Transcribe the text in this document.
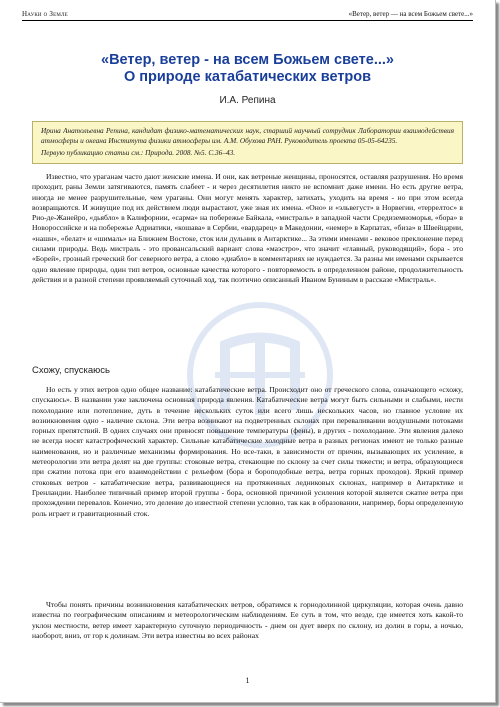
Науки о Земле	«Ветер, ветер — на всем Божьем свете...»
«Ветер, ветер - на всем Божьем свете...»
О природе катабатических ветров
И.А. Репина

Ирина Анатольевна Репина, кандидат физико-математических наук, старший научный сотрудник Лаборатории взаимодействия атмосферы и океана Института физики атмосферы им. А.М. Обухова РАН. Руководитель проекта 05-05-64235.

Первую публикацию статьи см.: Природа. 2008. №5. С.36–43.

Известно, что ураганам часто дают женские имена. И они, как ветреные женщины, проносятся, оставляя разрушения. Но время проходит, раны Земли затягиваются, память слабеет - и через десятилетия никто не вспомнит даже имени. Но есть другие ветра, иногда не менее разрушительные, чем ураганы. Они могут менять характер, затихать, уходить на время - но при этом всегда возвращаются. И живущие под их действием люди вырастают, уже зная их имена. «Оно» и «эльвегуст» в Норвегии, «террелтос» в Рио-де-Жанейро, «дьябло» в Калифорнии, «сарма» на побережье Байкала, «мистраль» в западной части Средиземноморья, «бора» в Новороссийске и на побережье Адриатики, «кошава» в Сербии, «вардарец» в Македонии, «немер» в Карпатах, «биза» в Швейцарии, «нашн», «белат» и «шималь» на Ближнем Востоке, сток или дульник в Антарктике... За этими именами - вековое преклонение перед силами природы. Ведь мистраль - это провансальский вариант слова «маэстро», что значит «главный, руководящий», бора - это «Борей», грозный греческий бог северного ветра, а слово «диабло» в комментариях не нуждается. За разны ми именами скрывается одно явление природы, один тип ветров, основные качества которого - повторяемость в определенном районе, продолжительность действия и в разной степени проявляемый суточный ход, так поэтично описанный Иваном Буниным в рассказе «Мистраль».

Схожу, спускаюсь

Но есть у этих ветров одно общее название: катабатические ветра. Происходит оно от греческого слова, означающего «схожу, спускаюсь». В названии уже заключена основная природа явления. Катабатические ветра могут быть сильными и слабыми, нести похолодание или потепление, дуть в течение нескольких суток или всего лишь нескольких часов, но главное условие их возникновения одно - наличие склона. Эти ветра возникают на подветренных склонах при переваливании воздушными потоками горных препятствий. В одних случаях они приносят повышение температуры (фены), в других - похолодание. Эти явления далеко не всегда носят катастрофический характер. Сильные катабатические холодные ветра в разных регионах имеют не только разные наименования, но и различные механизмы формирования. Но все-таки, в зависимости от причин, вызывающих их усиление, в метеорологии эти ветра делят на две группы: стоковые ветра, стекающие по склону за счет силы тяжести; и ветра, образующиеся при сжатии потока при его взаимодействии с рельефом (бора и бороподобные ветра, ветра горных проходов). Яркий пример стоковых ветров - катабатические ветра, развивающиеся на протяженных ледниковых склонах, например в Антарктике и Гренландии. Наиболее типичный пример второй группы - бора, основной причиной усиления которой является сжатие ветра при прохождении перевалов. Конечно, это деление до известной степени условно, так как в образовании, например, боры определенную роль играет и гравитационный сток.

Чтобы понять причины возникновения катабатических ветров, обратимся к горнодолинной циркуляции, которая очень давно известна по географическим описаниям и метеорологическим наблюдениям. Ее суть в том, что везде, где имеется хоть какой-то уклон местности, ветер имеет характерную суточную периодичность - днем он дует вверх по склону, из долин в горы, а ночью, наоборот, вниз, от гор к долинам. Эти ветра известны во всех районах

1
